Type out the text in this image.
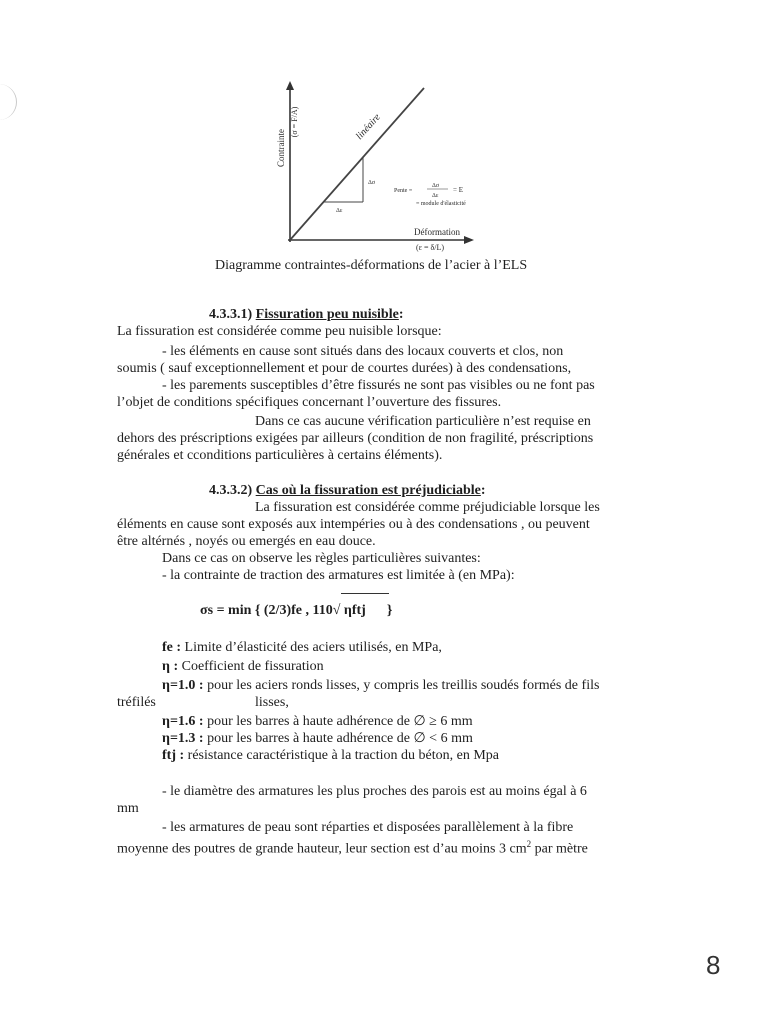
Contrainte
(σ = F/A)	linéaire
Δσ
Δε
Pente =
Δσ
Δε
= E
= module d'élasticité
Déformation
(ε = δ/L)
Diagramme contraintes-déformations de l’acier à l’ELS
4.3.3.1) Fissuration peu nuisible:
La fissuration est considérée comme peu nuisible lorsque:
- les éléments en cause sont situés dans des locaux couverts et clos, non
soumis ( sauf exceptionnellement et pour de courtes durées) à des condensations,
- les parements susceptibles d’être fissurés ne sont pas visibles ou ne font pas
l’objet de conditions spécifiques concernant l’ouverture des fissures.
Dans ce cas aucune vérification particulière n’est requise en
dehors des préscriptions exigées par ailleurs (condition de non fragilité, préscriptions
générales et cconditions particulières à certains éléments).
4.3.3.2) Cas où la fissuration est préjudiciable:
La fissuration est considérée comme préjudiciable lorsque les
éléments en cause sont exposés aux intempéries ou à des condensations , ou peuvent
être altérnés , noyés ou emergés en eau douce.
Dans ce cas on observe les règles particulières suivantes:
- la contrainte de traction des armatures est limitée à (en MPa):
σs = min { (2/3)fe , 110√ ηftj      }
fe : Limite d’élasticité des aciers utilisés, en MPa,
η : Coefficient de fissuration
η=1.0 : pour les aciers ronds lisses, y compris les treillis soudés formés de fils
tréfilés	lisses,
η=1.6 : pour les barres à haute adhérence de ∅ ≥ 6 mm
η=1.3 : pour les barres à haute adhérence de ∅ < 6 mm
ftj : résistance caractéristique à la traction du béton, en Mpa
- le diamètre des armatures les plus proches des parois est au moins égal à 6
mm
- les armatures de peau sont réparties et disposées parallèlement à la fibre
moyenne des poutres de grande hauteur, leur section est d’au moins 3 $cm^2$ par mètre
8
